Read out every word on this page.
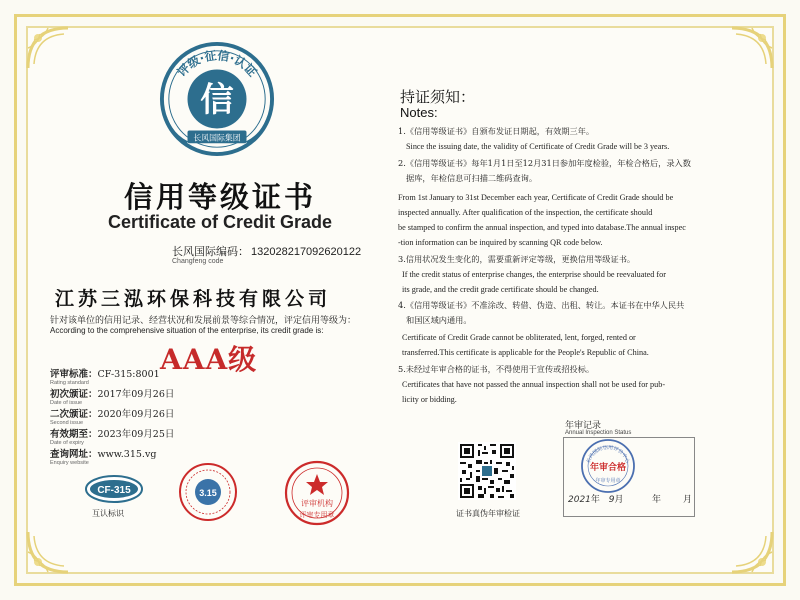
评级·征信·认证
信
长风国际集团
信用等级证书
Certificate of Credit Grade
长风国际编码： 132028217092620122
Changfeng code
江苏三泓环保科技有限公司
针对该单位的信用记录、经营状况和发展前景等综合情况，评定信用等级为：
According to the comprehensive situation of the enterprise, its credit grade is:
AAA级
评审标准：CF-315:8001
Rating standard
初次颁证：2017年09月26日
Date of issue
二次颁证：2020年09月26日
Second issue
有效期至：2023年09月25日
Date of expiry
查询网址：www.315.vg
Enquiry website
CF-315
互认标识
3.15
评审机构
评审专用章
持证须知：
Notes:
1.《信用等级证书》自颁布发证日期起，有效期三年。
Since the issuing date, the validity of Certificate of Credit Grade will be 3 years.
2.《信用等级证书》每年1月1日至12月31日参加年度检验，年检合格后，录入数
据库，年检信息可扫描二维码查询。
From 1st January to 31st December each year, Certificate of Credit Grade should be
inspected annually. After qualification of the inspection, the certificate should
be stamped to confirm the annual inspection, and typed into database.The annual inspec
-tion information can be inquired by scanning QR code below.
3.信用状况发生变化的，需要重新评定等级，更换信用等级证书。
If the credit status of enterprise changes, the enterprise should be reevaluated for
its grade, and the credit grade certificate should be changed.
4.《信用等级证书》不准涂改、转借、伪造、出租、转让。本证书在中华人民共
和国区域内通用。
Certificate of Credit Grade cannot be obliterated, lent, forged, rented or
transferred.This certificate is applicable for the People's Republic of China.
5.未经过年审合格的证书，不得使用于宣传或招投标。
Certificates that have not passed the annual inspection shall not be used for pub-
licity or bidding.
证书真伪年审检证
年审记录
Annual Inspection Status
长风国际信用评价中心
年审合格
年审专用章
2021年 9月	年 月
